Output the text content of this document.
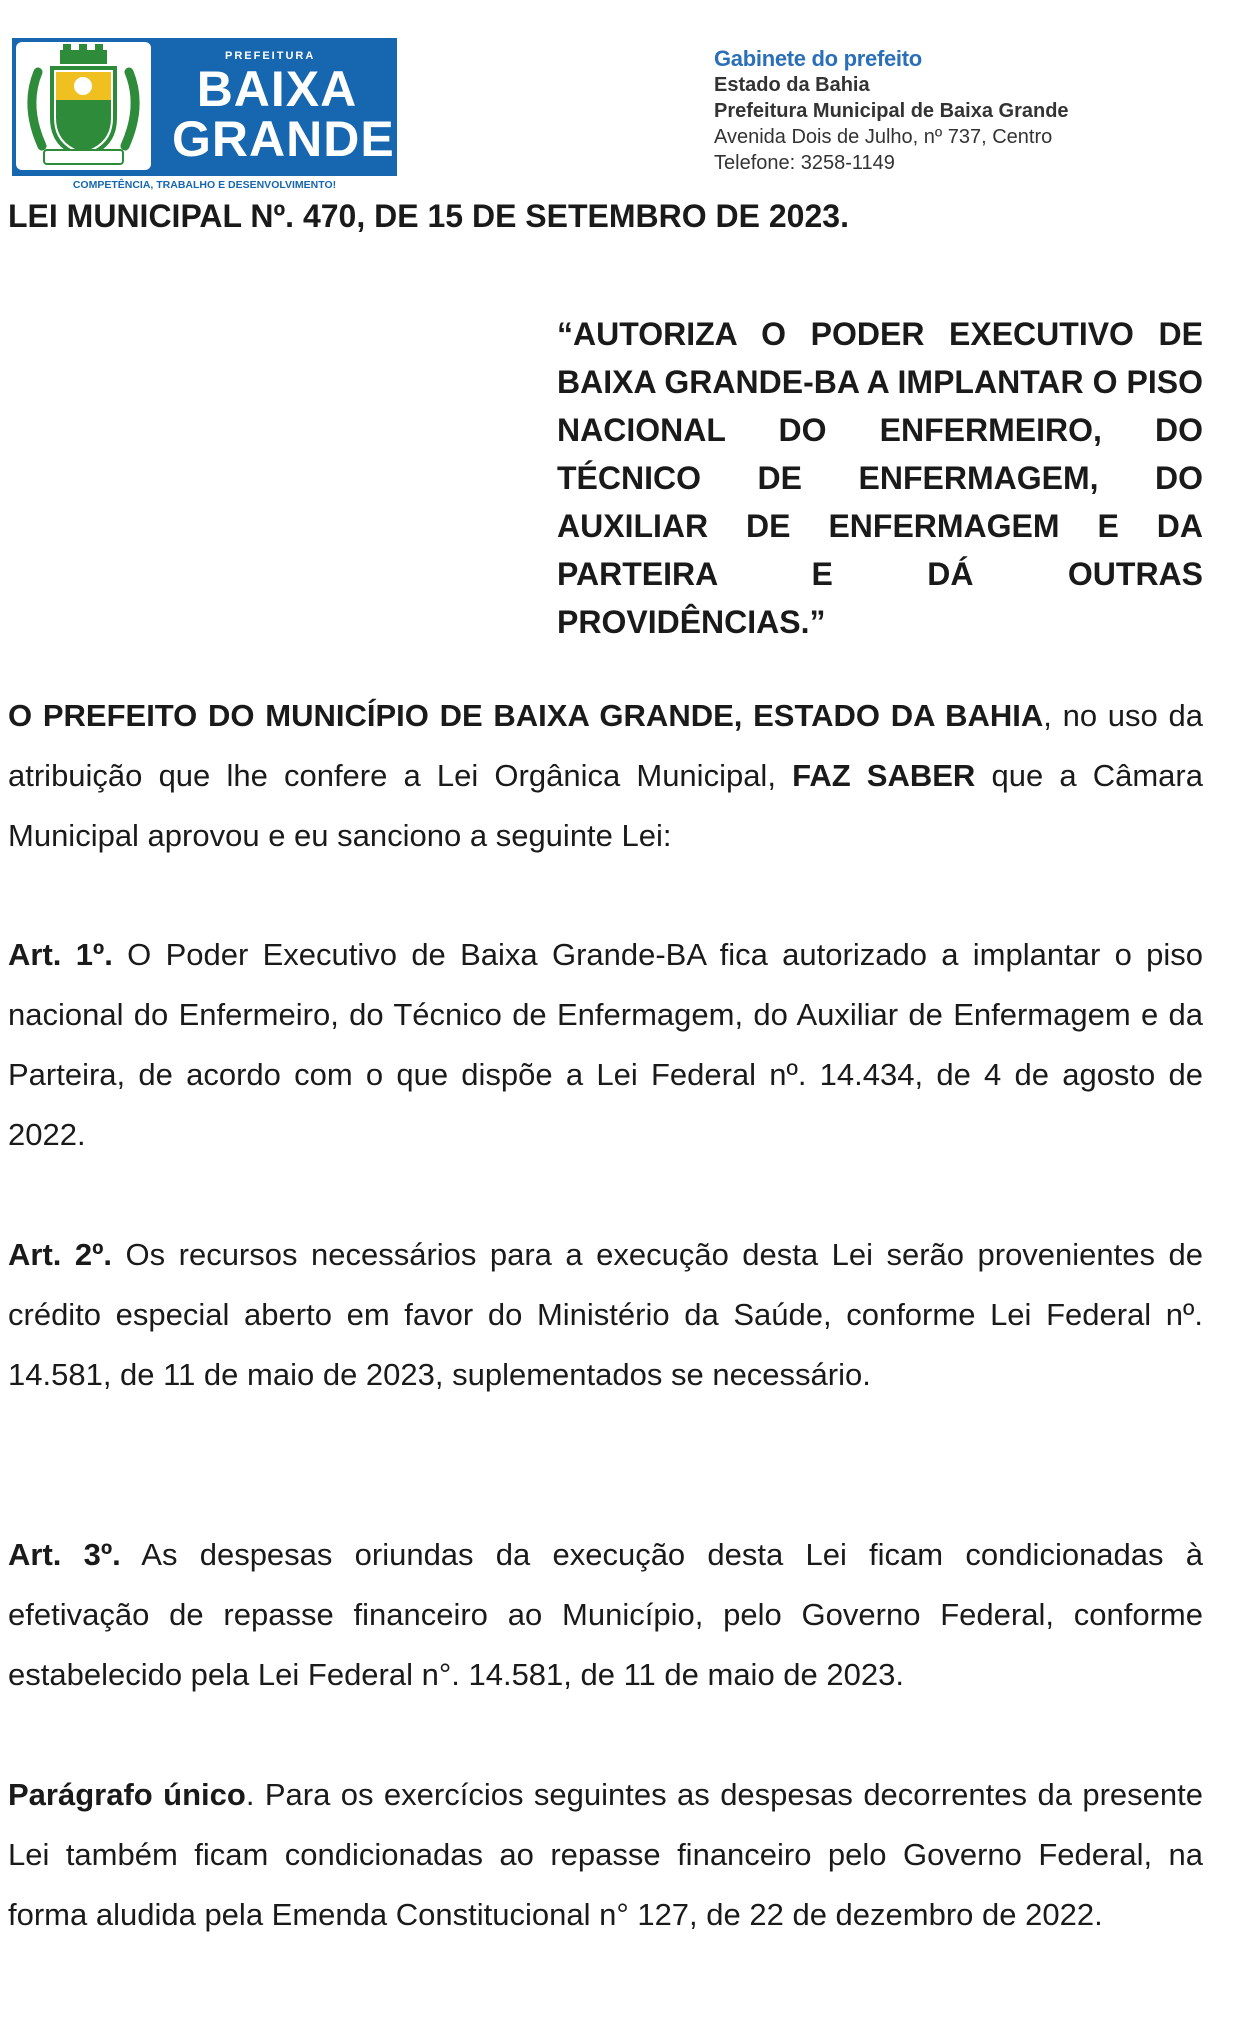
PREFEITURA
BAIXA
GRANDE
COMPETÊNCIA, TRABALHO E DESENVOLVIMENTO!
Gabinete do prefeito
Estado da Bahia
Prefeitura Municipal de Baixa Grande
Avenida Dois de Julho, nº 737, Centro
Telefone: 3258-1149
LEI MUNICIPAL Nº. 470, DE 15 DE SETEMBRO DE 2023.
“AUTORIZA O PODER EXECUTIVO DE BAIXA GRANDE-BA A IMPLANTAR O PISO NACIONAL DO ENFERMEIRO, DO TÉCNICO DE ENFERMAGEM, DO AUXILIAR DE ENFERMAGEM E DA PARTEIRA E DÁ OUTRAS PROVIDÊNCIAS.”
O PREFEITO DO MUNICÍPIO DE BAIXA GRANDE, ESTADO DA BAHIA, no uso da atribuição que lhe confere a Lei Orgânica Municipal, FAZ SABER que a Câmara Municipal aprovou e eu sanciono a seguinte Lei:
Art. 1º. O Poder Executivo de Baixa Grande-BA fica autorizado a implantar o piso nacional do Enfermeiro, do Técnico de Enfermagem, do Auxiliar de Enfermagem e da Parteira, de acordo com o que dispõe a Lei Federal nº. 14.434, de 4 de agosto de 2022.
Art. 2º. Os recursos necessários para a execução desta Lei serão provenientes de crédito especial aberto em favor do Ministério da Saúde, conforme Lei Federal nº. 14.581, de 11 de maio de 2023, suplementados se necessário.
Art. 3º. As despesas oriundas da execução desta Lei ficam condicionadas à efetivação de repasse financeiro ao Município, pelo Governo Federal, conforme estabelecido pela Lei Federal n°. 14.581, de 11 de maio de 2023.
Parágrafo único. Para os exercícios seguintes as despesas decorrentes da presente Lei também ficam condicionadas ao repasse financeiro pelo Governo Federal, na forma aludida pela Emenda Constitucional n° 127, de 22 de dezembro de 2022.
